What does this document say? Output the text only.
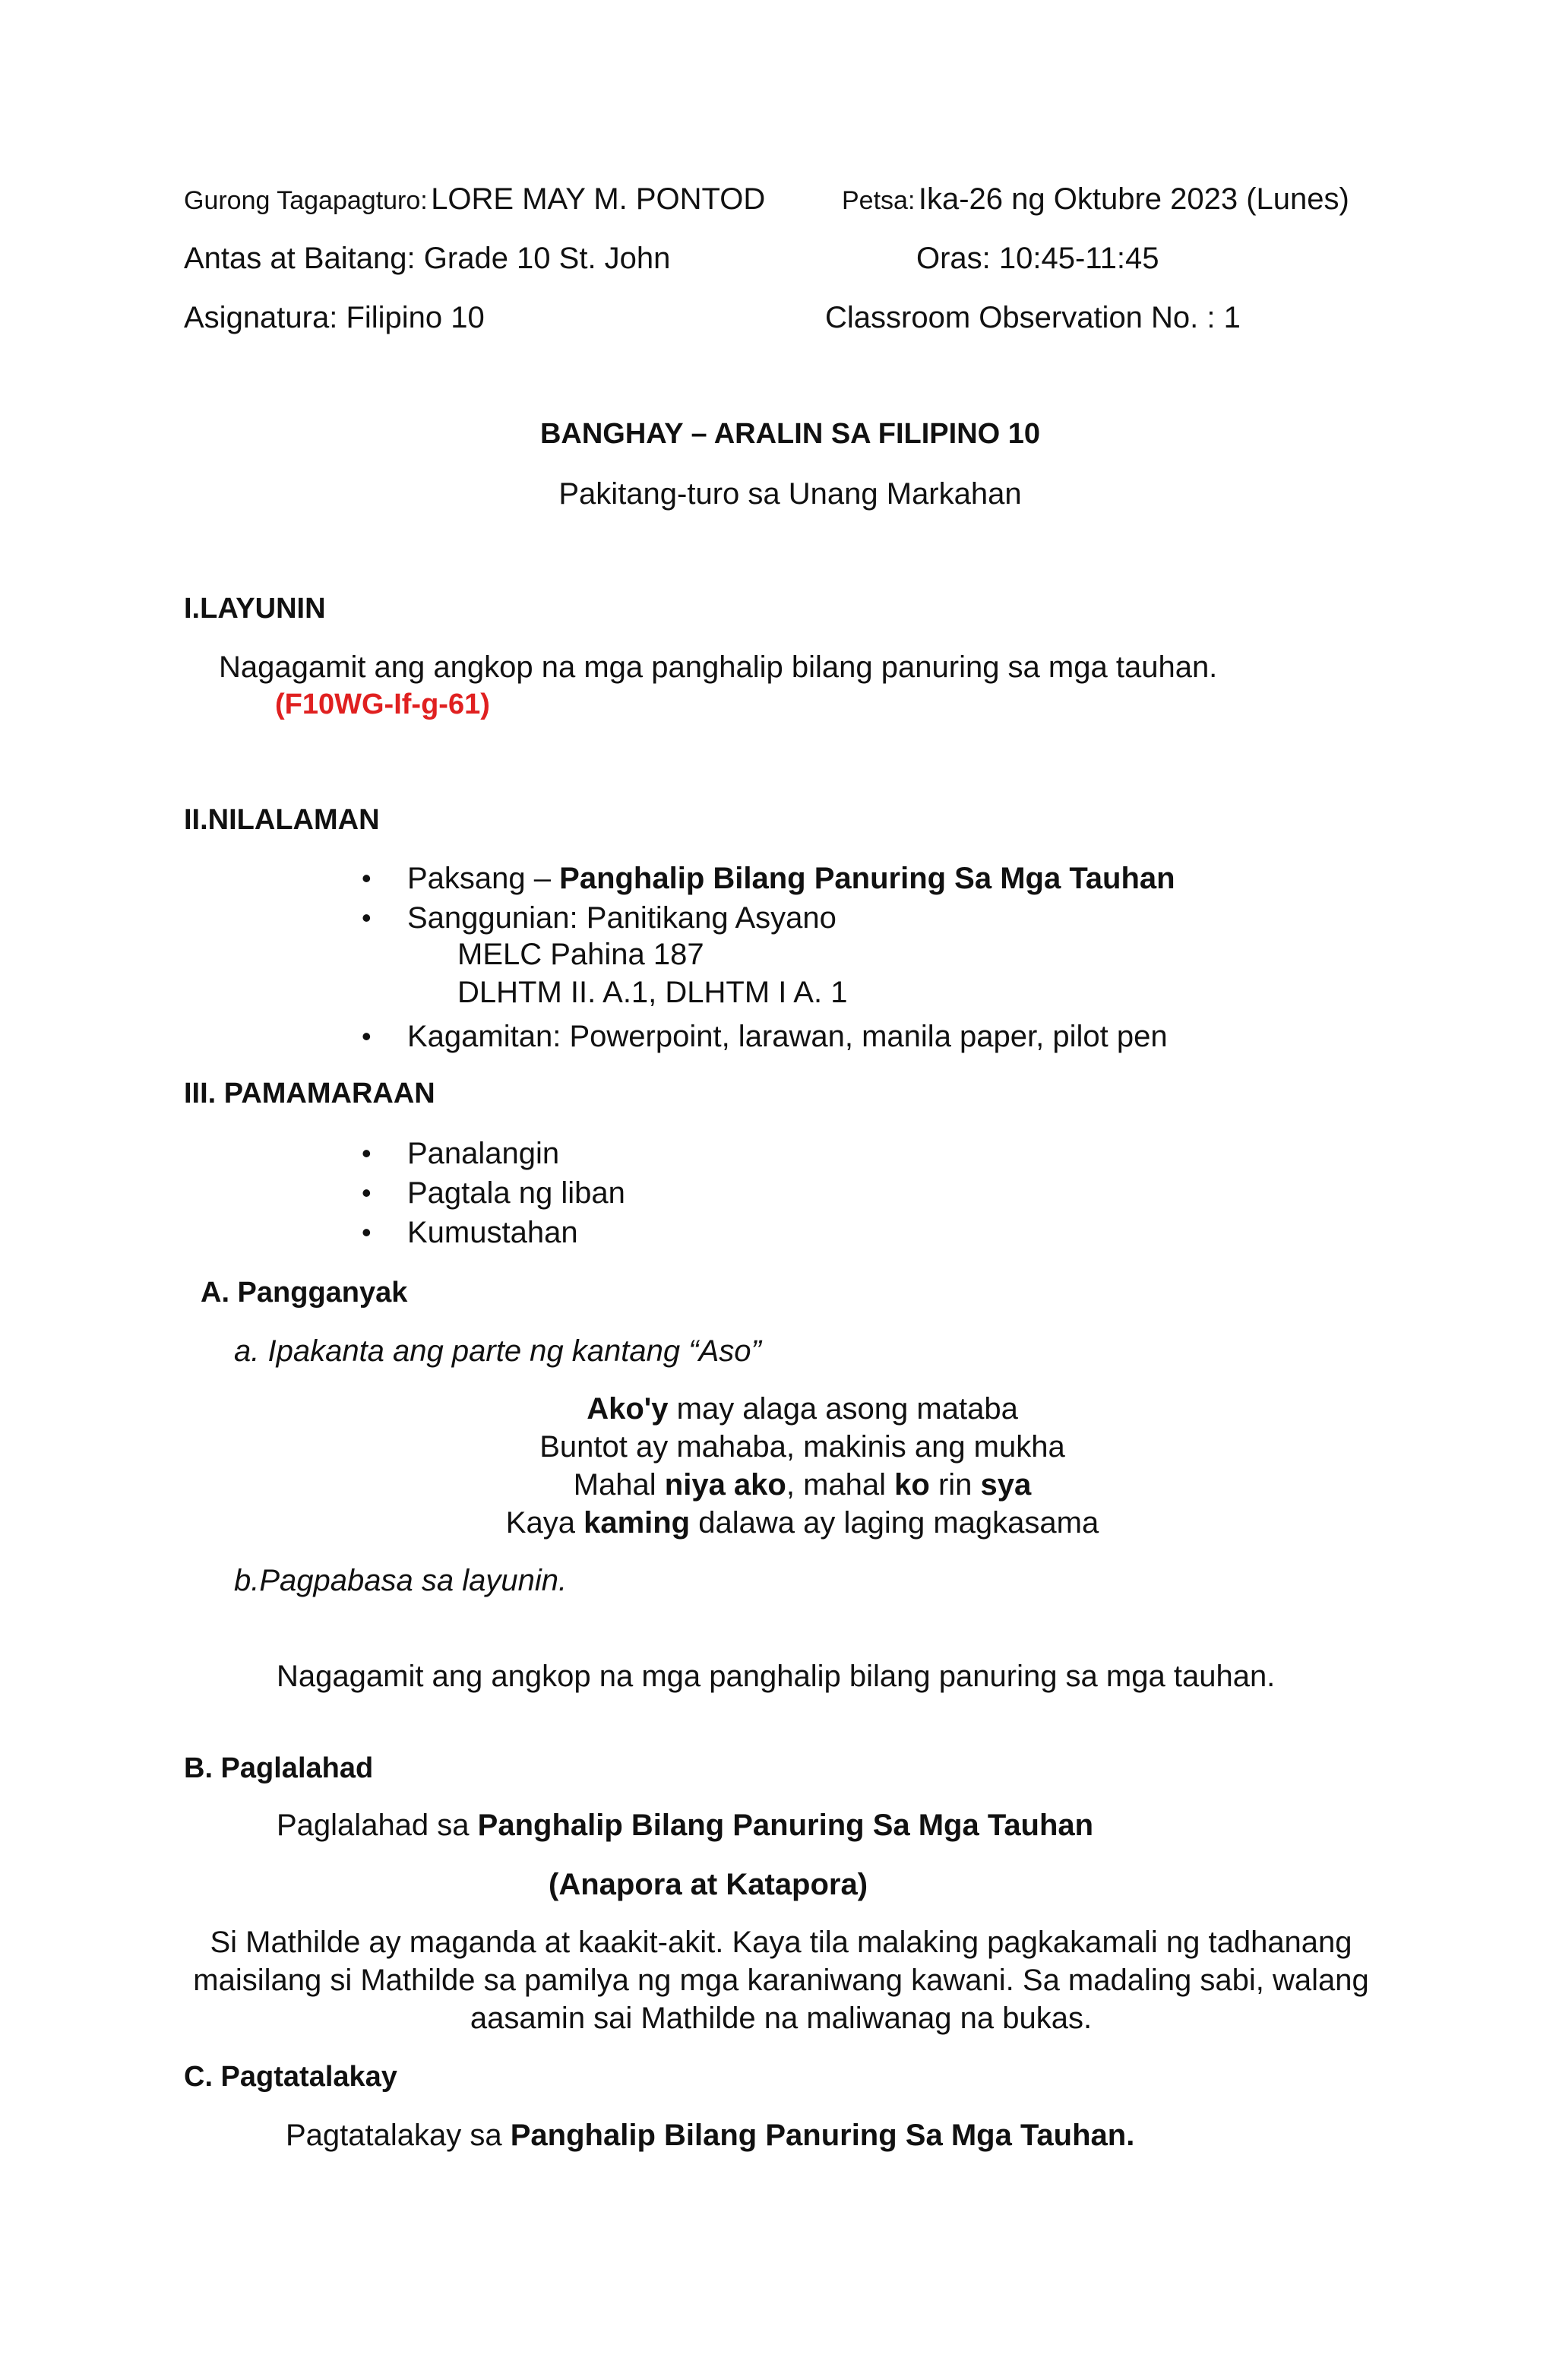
Gurong Tagapagturo: LORE MAY M. PONTOD	Petsa: Ika-26 ng Oktubre 2023 (Lunes)
Antas at Baitang: Grade 10 St. John	Oras: 10:45-11:45
Asignatura: Filipino 10	Classroom Observation No. : 1
BANGHAY – ARALIN SA FILIPINO 10
Pakitang-turo sa Unang Markahan
I.LAYUNIN
Nagagamit ang angkop na mga panghalip bilang panuring sa mga tauhan.
(F10WG-If-g-61)
II.NILALAMAN
• Paksang – Panghalip Bilang Panuring Sa Mga Tauhan
• Sanggunian: Panitikang Asyano
MELC Pahina 187
DLHTM II. A.1, DLHTM I A. 1
• Kagamitan: Powerpoint, larawan, manila paper, pilot pen
III. PAMAMARAAN
• Panalangin
• Pagtala ng liban
• Kumustahan
A. Pangganyak
a. Ipakanta ang parte ng kantang “Aso”
Ako'y may alaga asong mataba
Buntot ay mahaba, makinis ang mukha
Mahal niya ako, mahal ko rin sya
Kaya kaming dalawa ay laging magkasama
b.Pagpabasa sa layunin.
Nagagamit ang angkop na mga panghalip bilang panuring sa mga tauhan.
B. Paglalahad
Paglalahad sa Panghalip Bilang Panuring Sa Mga Tauhan
(Anapora at Katapora)
Si Mathilde ay maganda at kaakit-akit. Kaya tila malaking pagkakamali ng tadhanang
maisilang si Mathilde sa pamilya ng mga karaniwang kawani. Sa madaling sabi, walang
aasamin sai Mathilde na maliwanag na bukas.
C. Pagtatalakay
Pagtatalakay sa Panghalip Bilang Panuring Sa Mga Tauhan.
